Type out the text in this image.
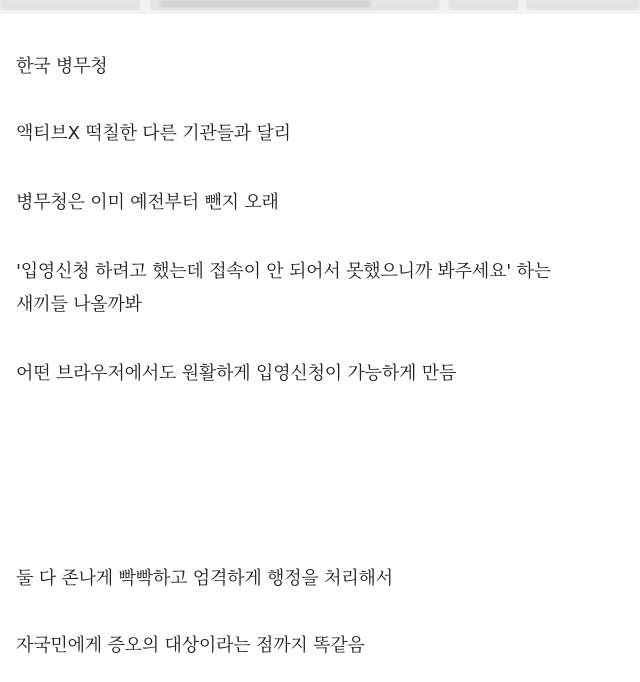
한국 병무청
액티브X 떡칠한 다른 기관들과 달리
병무청은 이미 예전부터 뺀지 오래
'입영신청 하려고 했는데 접속이 안 되어서 못했으니까 봐주세요' 하는
새끼들 나올까봐
어떤 브라우저에서도 원활하게 입영신청이 가능하게 만듬
둘 다 존나게 빡빡하고 엄격하게 행정을 처리해서
자국민에게 증오의 대상이라는 점까지 똑같음
